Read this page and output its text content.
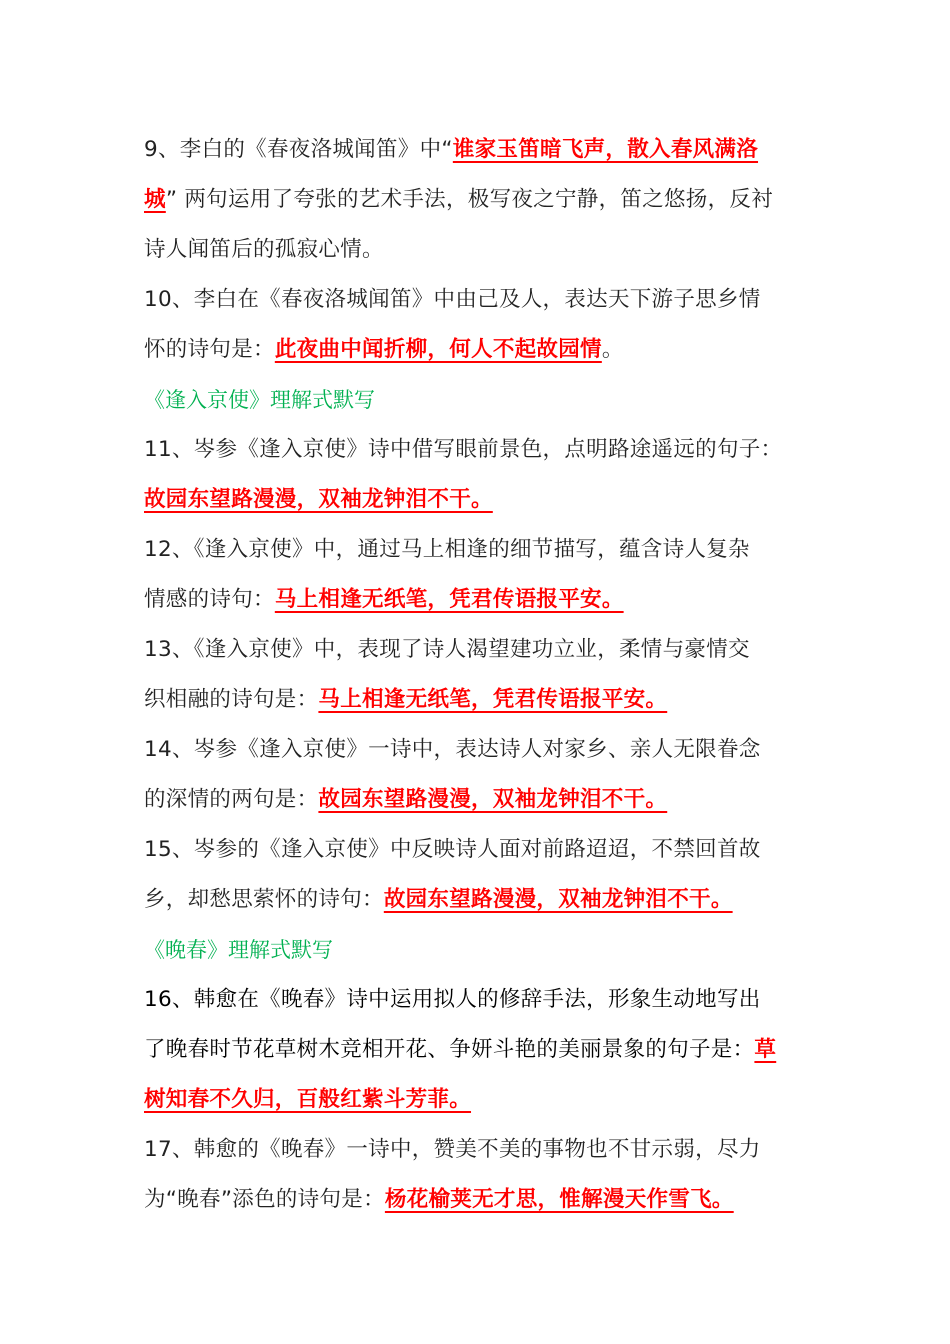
9、李白的《春夜洛城闻笛》中“谁家玉笛暗飞声，散入春风满洛
城” 两句运用了夸张的艺术手法，极写夜之宁静，笛之悠扬，反衬
诗人闻笛后的孤寂心情。
10、李白在《春夜洛城闻笛》中由己及人，表达天下游子思乡情
怀的诗句是：此夜曲中闻折柳，何人不起故园情。
《逢入京使》理解式默写
11、岑参《逢入京使》诗中借写眼前景色，点明路途遥远的句子：
故园东望路漫漫，双袖龙钟泪不干。
12、《逢入京使》中，通过马上相逢的细节描写，蕴含诗人复杂
情感的诗句：马上相逢无纸笔，凭君传语报平安。
13、《逢入京使》中，表现了诗人渴望建功立业，柔情与豪情交
织相融的诗句是：马上相逢无纸笔，凭君传语报平安。
14、岑参《逢入京使》一诗中，表达诗人对家乡、亲人无限眷念
的深情的两句是：故园东望路漫漫，双袖龙钟泪不干。
15、岑参的《逢入京使》中反映诗人面对前路迢迢，不禁回首故
乡，却愁思萦怀的诗句：故园东望路漫漫，双袖龙钟泪不干。
《晚春》理解式默写
16、韩愈在《晚春》诗中运用拟人的修辞手法，形象生动地写出
了晚春时节花草树木竞相开花、争妍斗艳的美丽景象的句子是：草
树知春不久归，百般红紫斗芳菲。
17、韩愈的《晚春》一诗中，赞美不美的事物也不甘示弱，尽力
为“晚春”添色的诗句是：杨花榆荚无才思，惟解漫天作雪飞。
